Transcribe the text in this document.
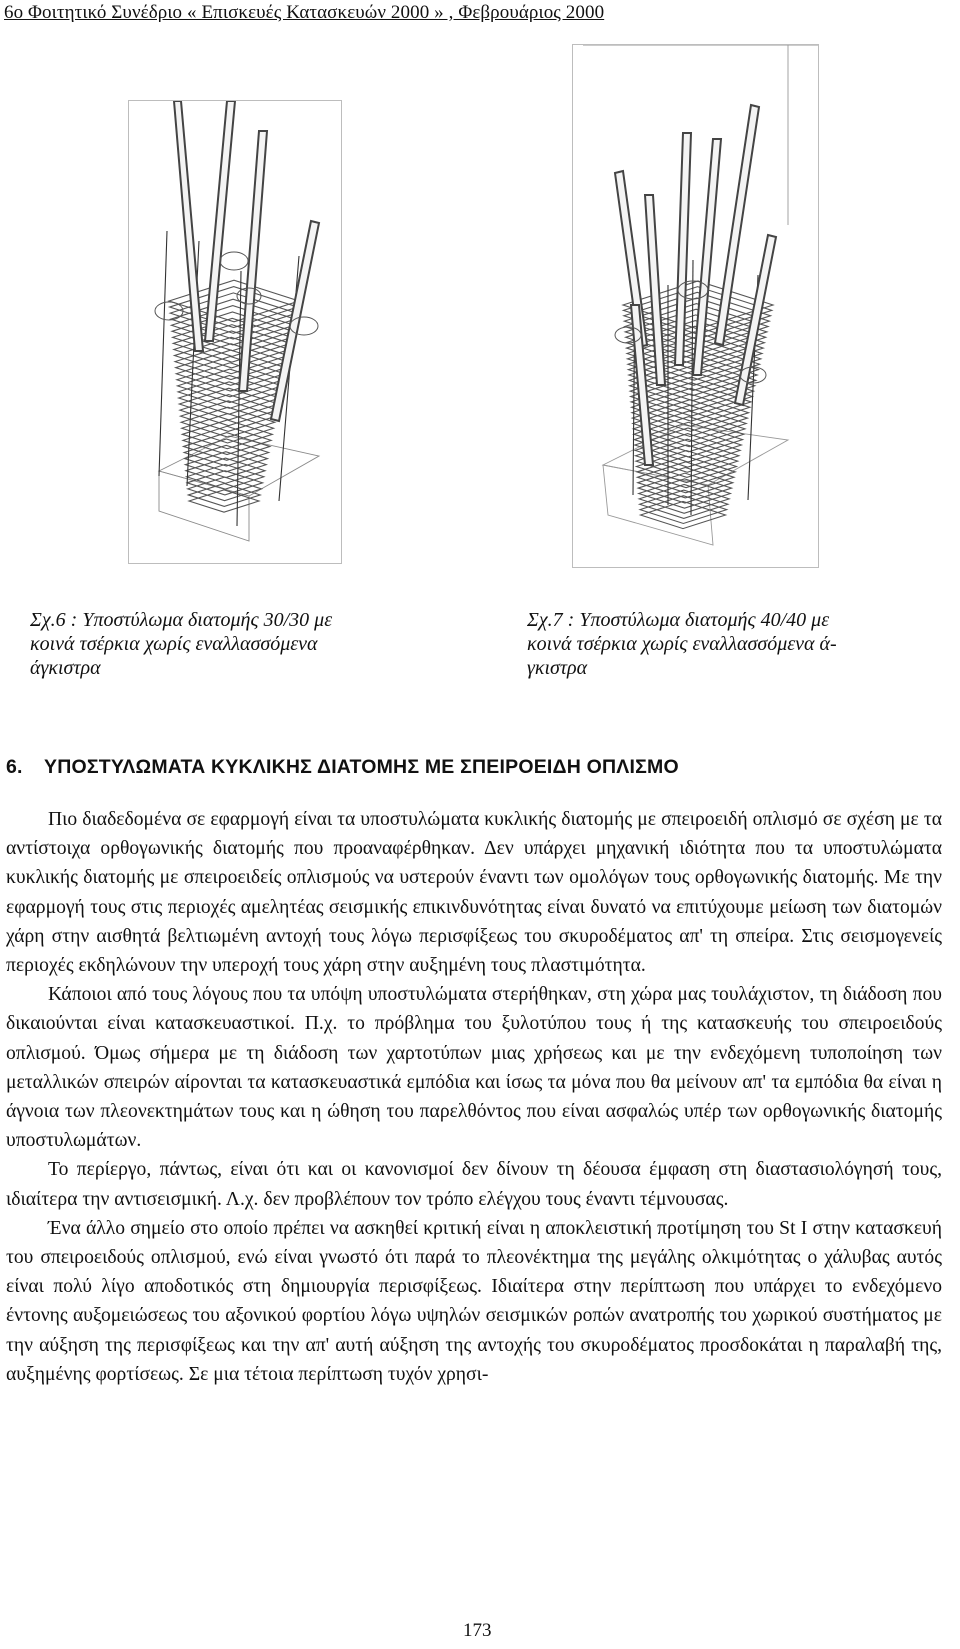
6ο Φοιτητικό Συνέδριο « Επισκευές Κατασκευών 2000 » , Φεβρουάριος 2000
Σχ.6 : Υποστύλωμα διατομής 30/30 με
κοινά τσέρκια χωρίς εναλλασσόμενα
άγκιστρα
Σχ.7 : Υποστύλωμα διατομής 40/40 με
κοινά τσέρκια χωρίς εναλλασσόμενα ά-
γκιστρα
6. ΥΠΟΣΤΥΛΩΜΑΤΑ ΚΥΚΛΙΚΗΣ ΔΙΑΤΟΜΗΣ ΜΕ ΣΠΕΙΡΟΕΙΔΗ ΟΠΛΙΣΜΟ

Πιο διαδεδομένα σε εφαρμογή είναι τα υποστυλώματα κυκλικής διατομής με σπειροειδή οπλισμό σε σχέση με τα αντίστοιχα ορθογωνικής διατομής που προαναφέρθηκαν. Δεν υπάρχει μηχανική ιδιότητα που τα υποστυλώματα κυκλικής διατομής με σπειροειδείς οπλισμούς να υστερούν έναντι των ομολόγων τους ορθογωνικής διατομής. Με την εφαρμογή τους στις περιοχές αμελητέας σεισμικής επικινδυνότητας είναι δυνατό να επιτύχουμε μείωση των διατομών χάρη στην αισθητά βελτιωμένη αντοχή τους λόγω περισφίξεως του σκυροδέματος απ' τη σπείρα. Στις σεισμογενείς περιοχές εκδηλώνουν την υπεροχή τους χάρη στην αυξημένη τους πλαστιμότητα.

Κάποιοι από τους λόγους που τα υπόψη υποστυλώματα στερήθηκαν, στη χώρα μας τουλάχιστον, τη διάδοση που δικαιούνται είναι κατασκευαστικοί. Π.χ. το πρόβλημα του ξυλοτύπου τους ή της κατασκευής του σπειροειδούς οπλισμού. Όμως σήμερα με τη διάδοση των χαρτοτύπων μιας χρήσεως και με την ενδεχόμενη τυποποίηση των μεταλλικών σπειρών αίρονται τα κατασκευαστικά εμπόδια και ίσως τα μόνα που θα μείνουν απ' τα εμπόδια θα είναι η άγνοια των πλεονεκτημάτων τους και η ώθηση του παρελθόντος που είναι ασφαλώς υπέρ των ορθογωνικής διατομής υποστυλωμάτων.

Το περίεργο, πάντως, είναι ότι και οι κανονισμοί δεν δίνουν τη δέουσα έμφαση στη διαστασιολόγησή τους, ιδιαίτερα την αντισεισμική. Λ.χ. δεν προβλέπουν τον τρόπο ελέγχου τους έναντι τέμνουσας.

Ένα άλλο σημείο στο οποίο πρέπει να ασκηθεί κριτική είναι η αποκλειστική προτίμηση του St I στην κατασκευή του σπειροειδούς οπλισμού, ενώ είναι γνωστό ότι παρά το πλεονέκτημα της μεγάλης ολκιμότητας ο χάλυβας αυτός είναι πολύ λίγο αποδοτικός στη δημιουργία περισφίξεως. Ιδιαίτερα στην περίπτωση που υπάρχει το ενδεχόμενο έντονης αυξομειώσεως του αξονικού φορτίου λόγω υψηλών σεισμικών ροπών ανατροπής του χωρικού συστήματος με την αύξηση της περισφίξεως και την απ' αυτή αύξηση της αντοχής του σκυροδέματος προσδοκάται η παραλαβή της, αυξημένης φορτίσεως. Σε μια τέτοια περίπτωση τυχόν χρησι-

173
